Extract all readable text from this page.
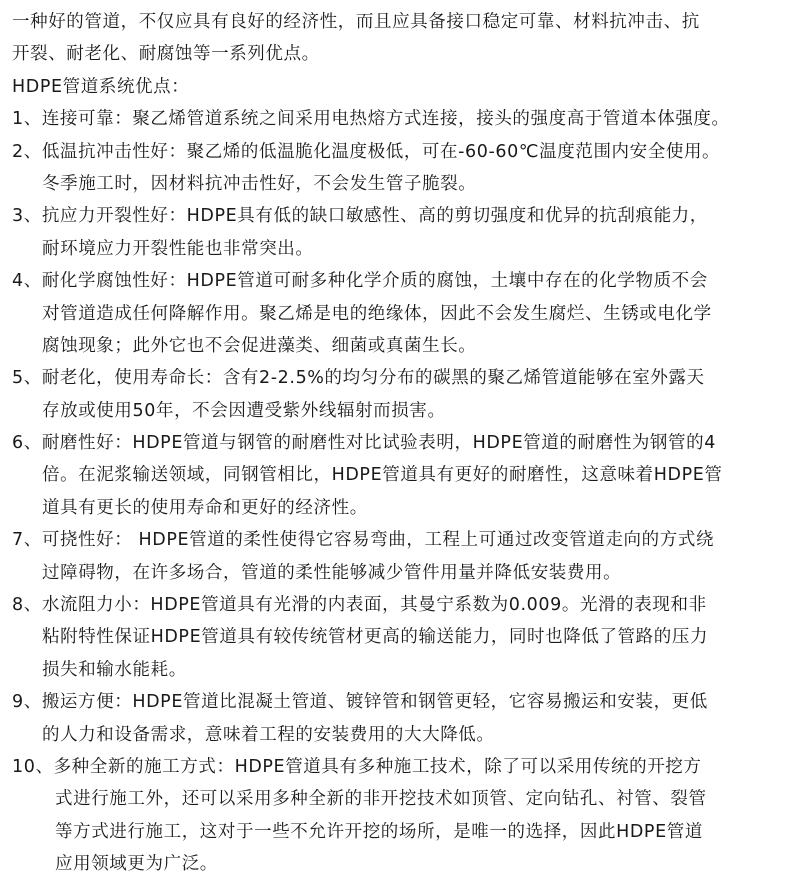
一种好的管道，不仅应具有良好的经济性，而且应具备接口稳定可靠、材料抗冲击、抗
开裂、耐老化、耐腐蚀等一系列优点。
HDPE管道系统优点：
1、连接可靠：聚乙烯管道系统之间采用电热熔方式连接，接头的强度高于管道本体强度。
2、低温抗冲击性好：聚乙烯的低温脆化温度极低，可在-60-60℃温度范围内安全使用。
冬季施工时，因材料抗冲击性好，不会发生管子脆裂。
3、抗应力开裂性好：HDPE具有低的缺口敏感性、高的剪切强度和优异的抗刮痕能力，
耐环境应力开裂性能也非常突出。
4、耐化学腐蚀性好：HDPE管道可耐多种化学介质的腐蚀，土壤中存在的化学物质不会
对管道造成任何降解作用。聚乙烯是电的绝缘体，因此不会发生腐烂、生锈或电化学
腐蚀现象；此外它也不会促进藻类、细菌或真菌生长。
5、耐老化，使用寿命长：含有2-2.5%的均匀分布的碳黑的聚乙烯管道能够在室外露天
存放或使用50年，不会因遭受紫外线辐射而损害。
6、耐磨性好：HDPE管道与钢管的耐磨性对比试验表明，HDPE管道的耐磨性为钢管的4
倍。在泥浆输送领域，同钢管相比，HDPE管道具有更好的耐磨性，这意味着HDPE管
道具有更长的使用寿命和更好的经济性。
7、可挠性好： HDPE管道的柔性使得它容易弯曲，工程上可通过改变管道走向的方式绕
过障碍物，在许多场合，管道的柔性能够减少管件用量并降低安装费用。
8、水流阻力小：HDPE管道具有光滑的内表面，其曼宁系数为0.009。光滑的表现和非
粘附特性保证HDPE管道具有较传统管材更高的输送能力，同时也降低了管路的压力
损失和输水能耗。
9、搬运方便：HDPE管道比混凝土管道、镀锌管和钢管更轻，它容易搬运和安装，更低
的人力和设备需求，意味着工程的安装费用的大大降低。
10、多种全新的施工方式：HDPE管道具有多种施工技术，除了可以采用传统的开挖方
式进行施工外，还可以采用多种全新的非开挖技术如顶管、定向钻孔、衬管、裂管
等方式进行施工，这对于一些不允许开挖的场所，是唯一的选择，因此HDPE管道
应用领域更为广泛。
